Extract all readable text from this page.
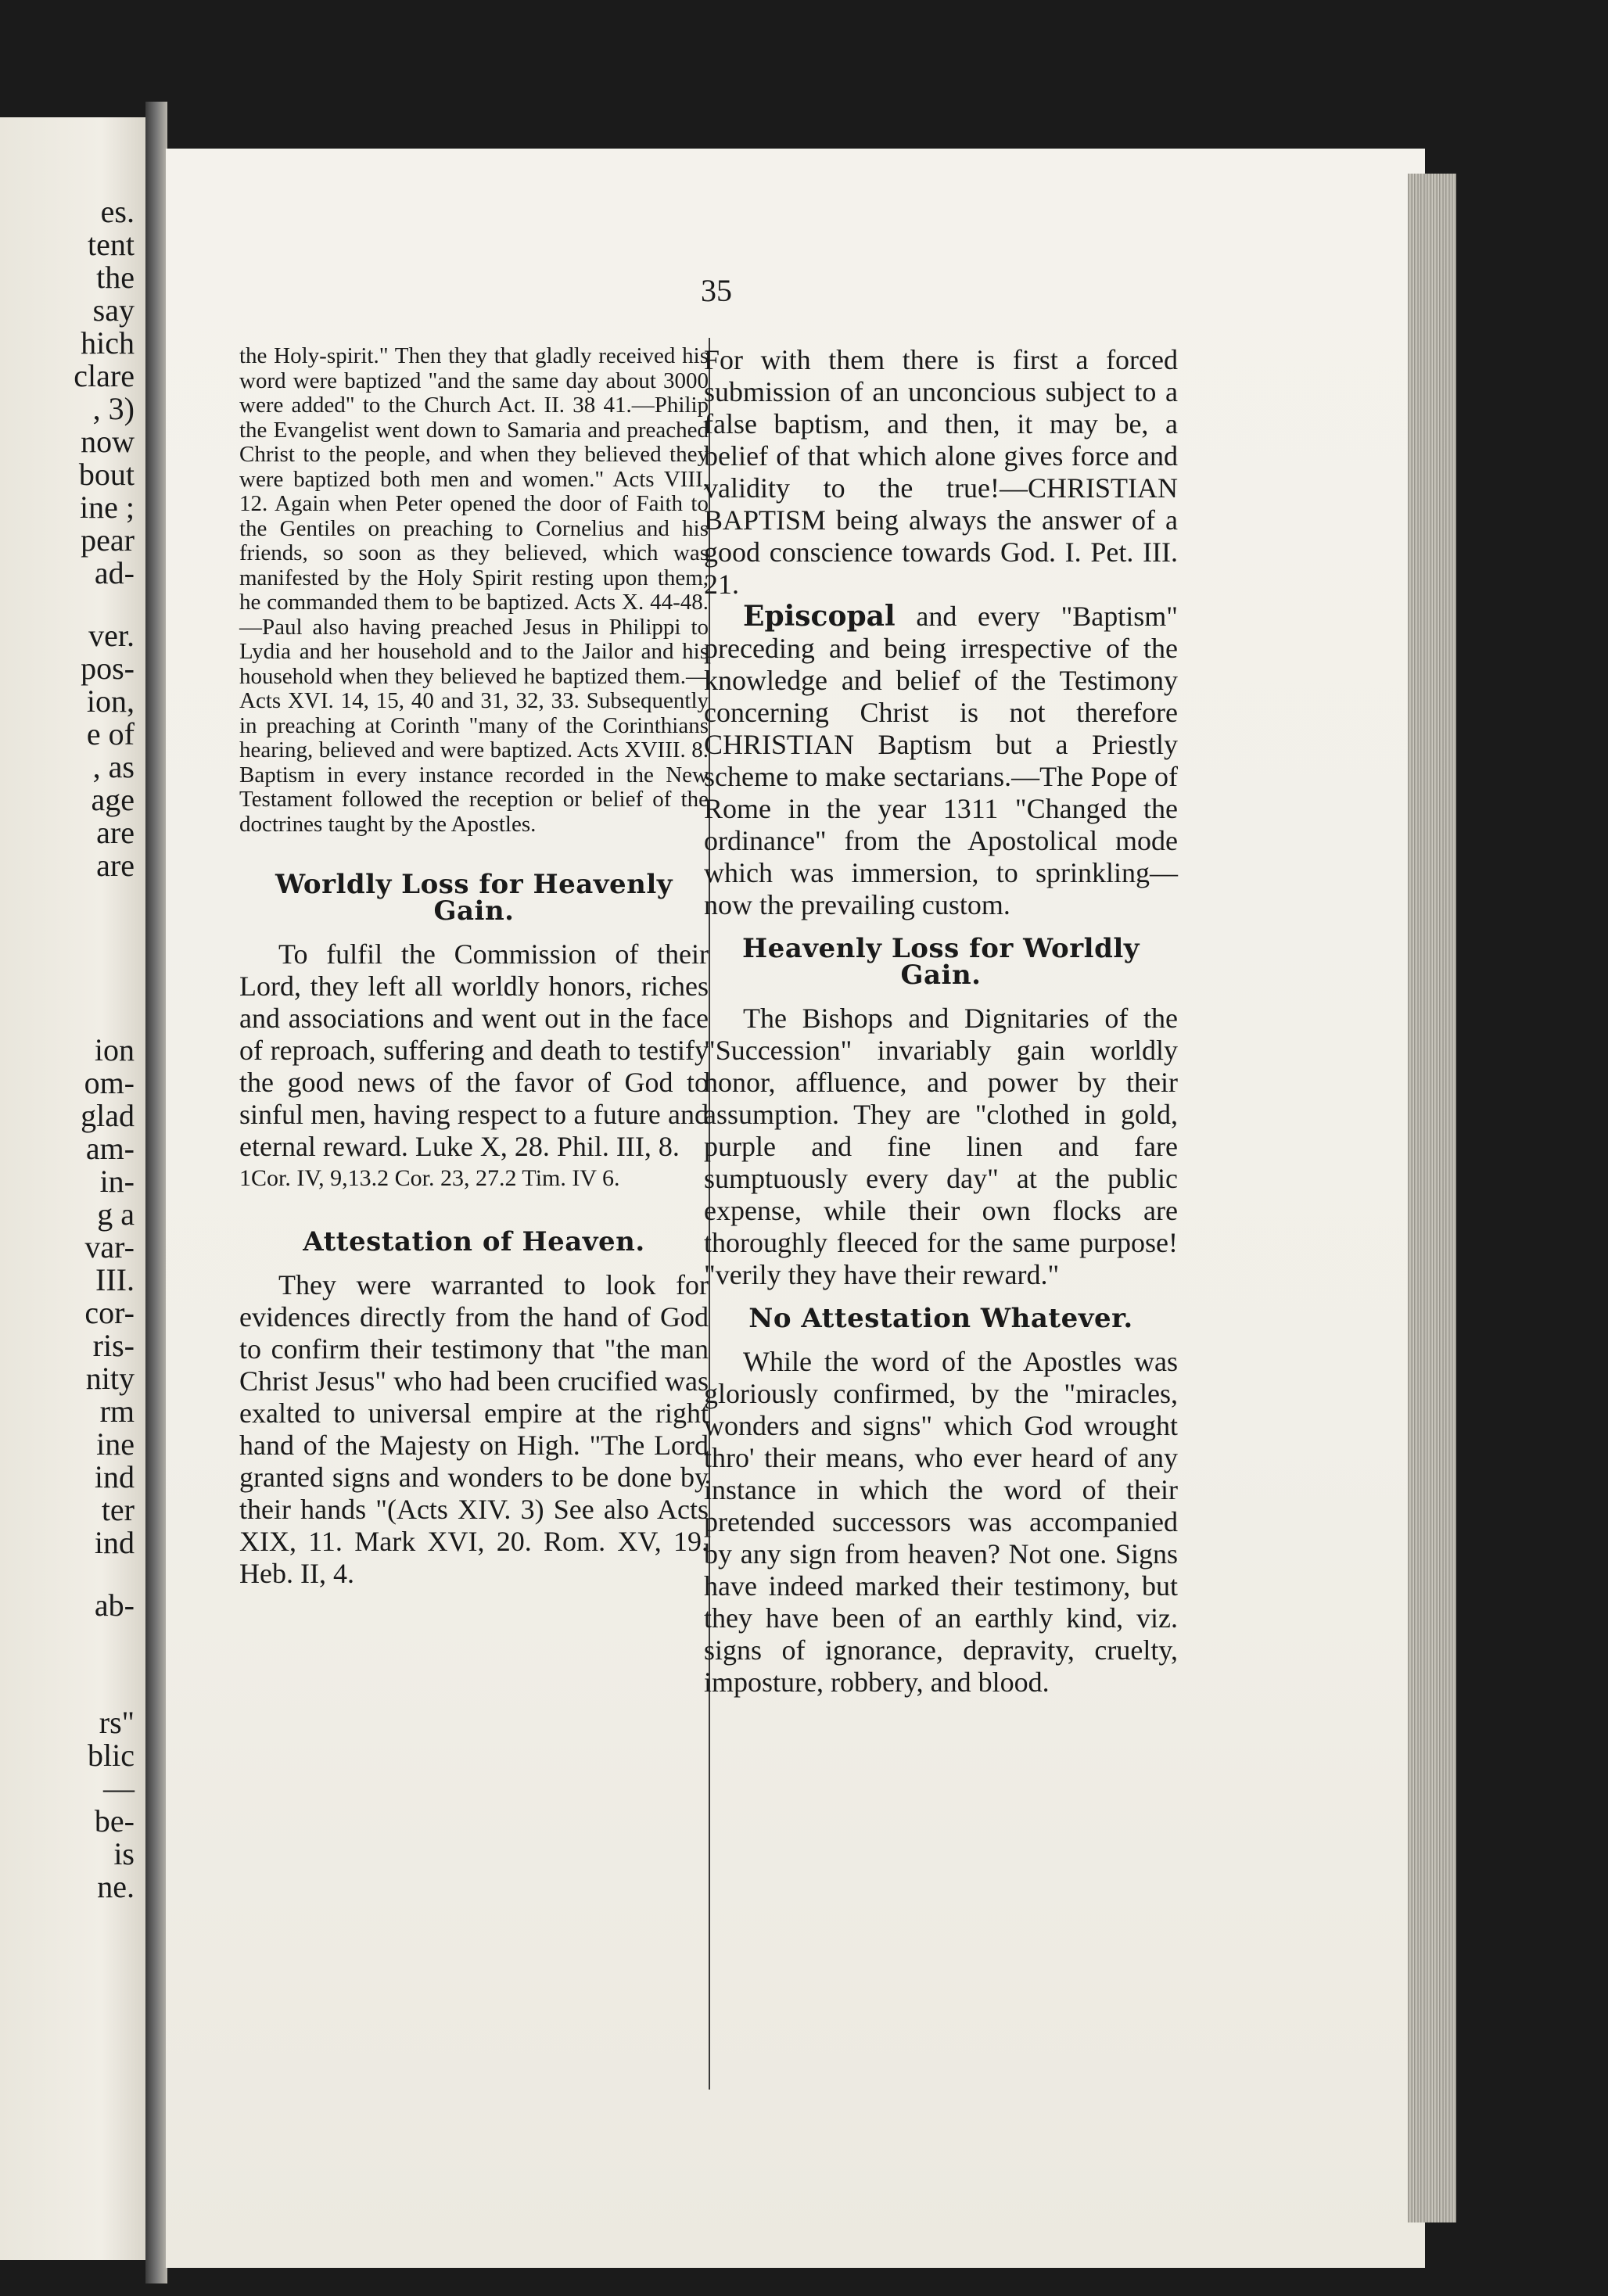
es.

tent

the

say

hich

clare

, 3)

now

bout

ine ;

pear

ad-

ver.

pos-

ion,

e of

, as

age

are

are

ion

om-

glad

am-

in-

g a

var-

III.

cor-

ris-

nity

rm

ine

ind

ter

ind

ab-

rs"

blic

—

be-

is

ne.

35

the Holy-spirit." Then they that gladly received his word were baptized "and the same day about 3000 were added" to the Church Act. II. 38 41.—Philip the Evangelist went down to Samaria and preached Christ to the people, and when they believed they were baptized both men and women." Acts VIII, 12. Again when Peter opened the door of Faith to the Gentiles on preaching to Cornelius and his friends, so soon as they believed, which was manifested by the Holy Spirit resting upon them, he commanded them to be baptized. Acts X. 44-48.—Paul also having preached Jesus in Philippi to Lydia and her household and to the Jailor and his household when they believed he baptized them.—Acts XVI. 14, 15, 40 and 31, 32, 33. Subsequently in preaching at Corinth "many of the Corinthians hearing, believed and were baptized. Acts XVIII. 8. Baptism in every instance recorded in the New Testament followed the reception or belief of the doctrines taught by the Apostles.

Worldly Loss for Heavenly Gain.

To fulfil the Commission of their Lord, they left all worldly honors, riches and associations and went out in the face of reproach, suffering and death to testify the good news of the favor of God to sinful men, having respect to a future and eternal reward. Luke X, 28. Phil. III, 8.

1Cor. IV, 9,13.2 Cor. 23, 27.2 Tim. IV 6.

Attestation of Heaven.

They were warranted to look for evidences directly from the hand of God to confirm their testimony that "the man Christ Jesus" who had been crucified was exalted to universal empire at the right hand of the Majesty on High. "The Lord granted signs and wonders to be done by their hands "(Acts XIV. 3) See also Acts XIX, 11. Mark XVI, 20. Rom. XV, 19. Heb. II, 4.

For with them there is first a forced submission of an unconcious subject to a false baptism, and then, it may be, a belief of that which alone gives force and validity to the true!—CHRISTIAN BAPTISM being always the answer of a good conscience towards God. I. Pet. III. 21.

Episcopal and every "Baptism" preceding and being irrespective of the knowledge and belief of the Testimony concerning Christ is not therefore CHRISTIAN Baptism but a Priestly scheme to make sectarians.—The Pope of Rome in the year 1311 "Changed the ordinance" from the Apostolical mode which was immersion, to sprinkling—now the prevailing custom.

Heavenly Loss for Worldly Gain.

The Bishops and Dignitaries of the "Succession" invariably gain worldly honor, affluence, and power by their assumption. They are "clothed in gold, purple and fine linen and fare sumptuously every day" at the public expense, while their own flocks are thoroughly fleeced for the same purpose! "verily they have their reward."

No Attestation Whatever.

While the word of the Apostles was gloriously confirmed, by the "miracles, wonders and signs" which God wrought thro' their means, who ever heard of any instance in which the word of their pretended successors was accompanied by any sign from heaven? Not one. Signs have indeed marked their testimony, but they have been of an earthly kind, viz. signs of ignorance, depravity, cruelty, imposture, robbery, and blood.
